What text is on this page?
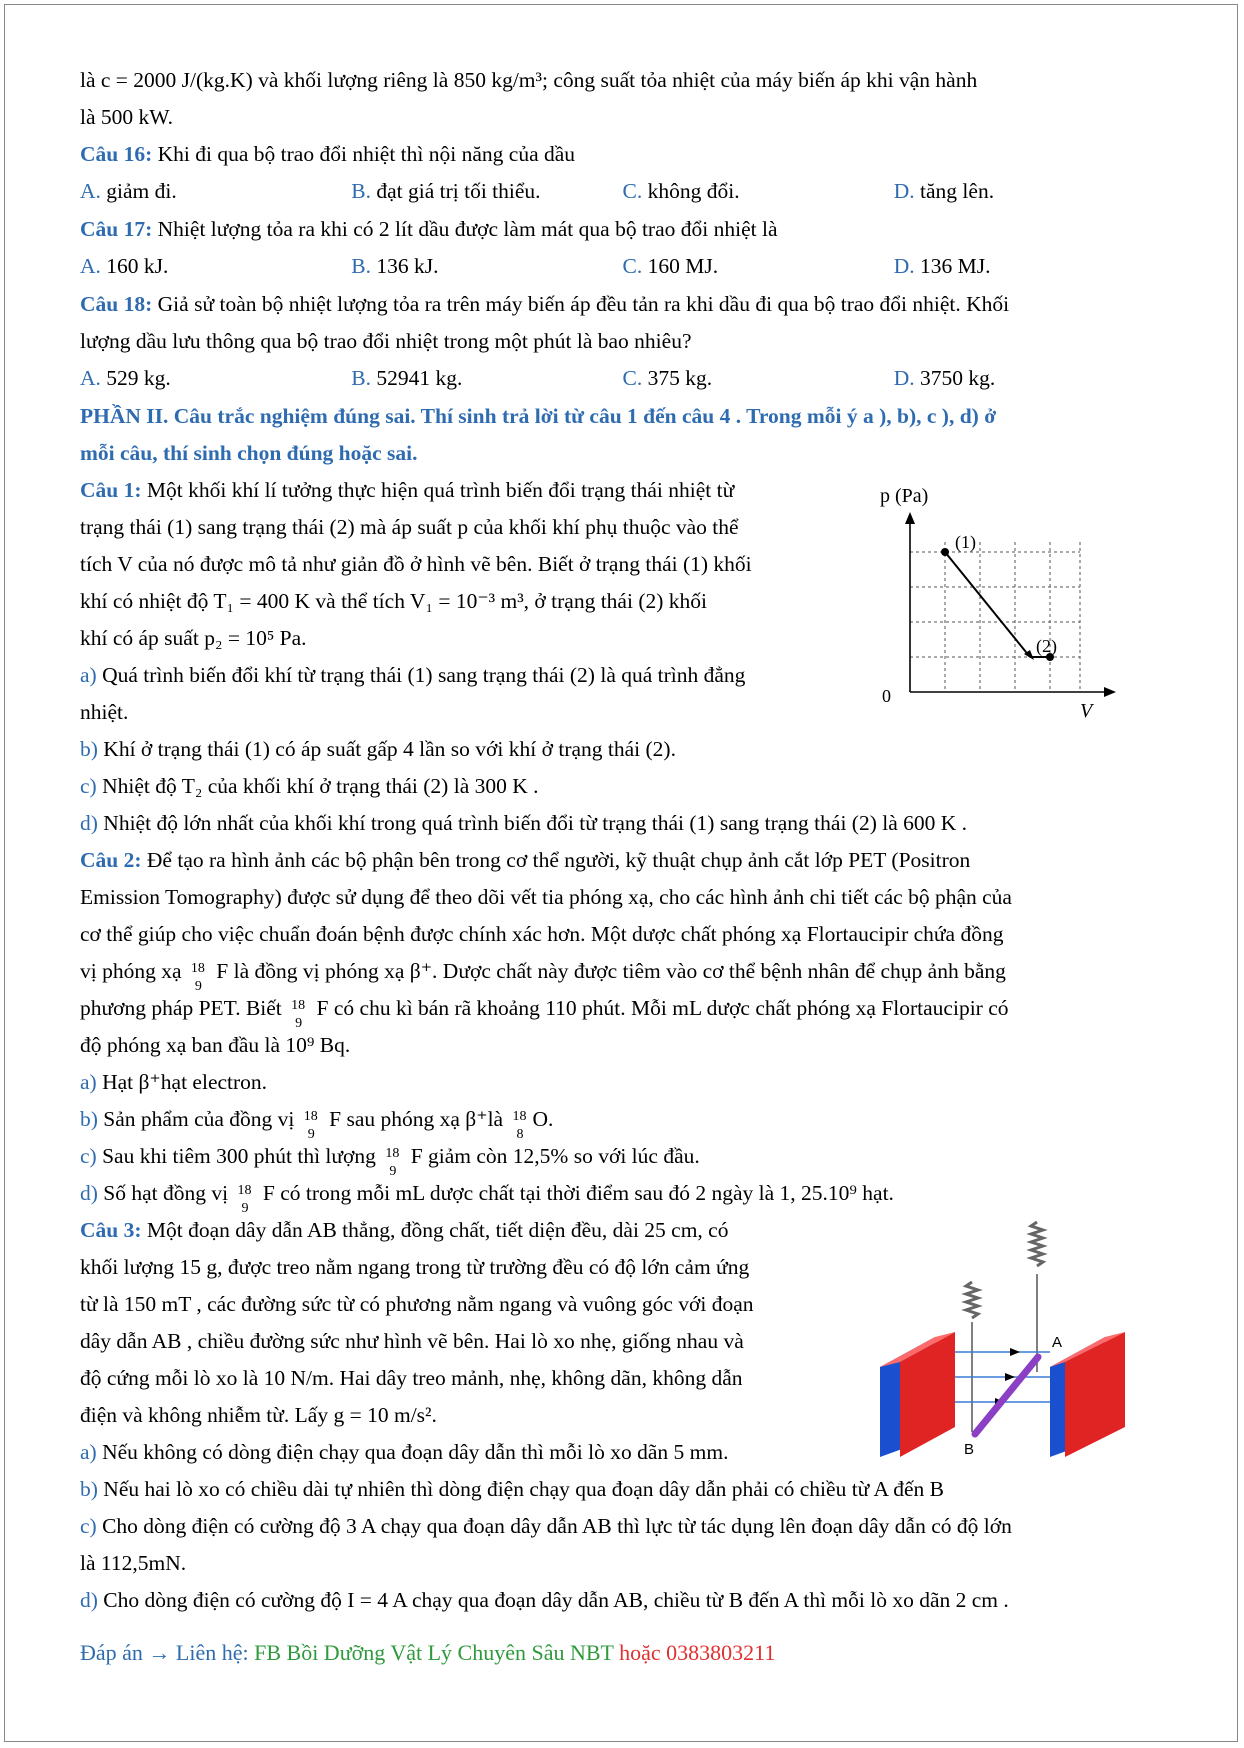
là c = 2000 J/(kg.K) và khối lượng riêng là 850 kg/m³; công suất tỏa nhiệt của máy biến áp khi vận hành

là 500 kW.

Câu 16: Khi đi qua bộ trao đổi nhiệt thì nội năng của dầu

A. giảm đi.	B. đạt giá trị tối thiểu.	C. không đổi.	D. tăng lên.

Câu 17: Nhiệt lượng tỏa ra khi có 2 lít dầu được làm mát qua bộ trao đổi nhiệt là

A. 160 kJ.	B. 136 kJ.	C. 160 MJ.	D. 136 MJ.

Câu 18: Giả sử toàn bộ nhiệt lượng tỏa ra trên máy biến áp đều tản ra khi dầu đi qua bộ trao đổi nhiệt. Khối

lượng dầu lưu thông qua bộ trao đổi nhiệt trong một phút là bao nhiêu?

A. 529 kg.	B. 52941 kg.	C. 375 kg.	D. 3750 kg.

PHẦN II. Câu trắc nghiệm đúng sai. Thí sinh trả lời từ câu 1 đến câu 4 . Trong mỗi ý a ), b), c ), d) ở

mỗi câu, thí sinh chọn đúng hoặc sai.

Câu 1: Một khối khí lí tưởng thực hiện quá trình biến đổi trạng thái nhiệt từ

trạng thái (1) sang trạng thái (2) mà áp suất p của khối khí phụ thuộc vào thể

tích V của nó được mô tả như giản đồ ở hình vẽ bên. Biết ở trạng thái (1) khối

khí có nhiệt độ T₁ = 400 K và thể tích V₁ = 10⁻³ m³, ở trạng thái (2) khối

khí có áp suất p₂ = 10⁵ Pa.

a) Quá trình biến đổi khí từ trạng thái (1) sang trạng thái (2) là quá trình đẳng

nhiệt.

b) Khí ở trạng thái (1) có áp suất gấp 4 lần so với khí ở trạng thái (2).

p (Pa)
(1)
(2)
0
V

c) Nhiệt độ T₂ của khối khí ở trạng thái (2) là 300 K .

d) Nhiệt độ lớn nhất của khối khí trong quá trình biến đổi từ trạng thái (1) sang trạng thái (2) là 600 K .

Câu 2: Để tạo ra hình ảnh các bộ phận bên trong cơ thể người, kỹ thuật chụp ảnh cắt lớp PET (Positron

Emission Tomography) được sử dụng để theo dõi vết tia phóng xạ, cho các hình ảnh chi tiết các bộ phận của

cơ thể giúp cho việc chuẩn đoán bệnh được chính xác hơn. Một dược chất phóng xạ Flortaucipir chứa đồng

vị phóng xạ 18
9
F là đồng vị phóng xạ β⁺. Dược chất này được tiêm vào cơ thể bệnh nhân để chụp ảnh bằng

phương pháp PET. Biết 18
9
F có chu kì bán rã khoảng 110 phút. Mỗi mL dược chất phóng xạ Flortaucipir có

độ phóng xạ ban đầu là 10⁹ Bq.

a) Hạt β⁺hạt electron.

b) Sản phẩm của đồng vị 18
9
F sau phóng xạ β⁺là 18
8
O.

c) Sau khi tiêm 300 phút thì lượng 18
9
F giảm còn 12,5% so với lúc đầu.

d) Số hạt đồng vị 18
9
F có trong mỗi mL dược chất tại thời điểm sau đó 2 ngày là 1, 25.10⁹ hạt.

Câu 3: Một đoạn dây dẫn AB thẳng, đồng chất, tiết diện đều, dài 25 cm, có

khối lượng 15 g, được treo nằm ngang trong từ trường đều có độ lớn cảm ứng

từ là 150 mT , các đường sức từ có phương nằm ngang và vuông góc với đoạn

dây dẫn AB , chiều đường sức như hình vẽ bên. Hai lò xo nhẹ, giống nhau và

độ cứng mỗi lò xo là 10 N/m. Hai dây treo mảnh, nhẹ, không dãn, không dẫn

điện và không nhiễm từ. Lấy g = 10 m/s².

a) Nếu không có dòng điện chạy qua đoạn dây dẫn thì mỗi lò xo dãn 5 mm.

A
B

b) Nếu hai lò xo có chiều dài tự nhiên thì dòng điện chạy qua đoạn dây dẫn phải có chiều từ A đến B

c) Cho dòng điện có cường độ 3 A chạy qua đoạn dây dẫn AB thì lực từ tác dụng lên đoạn dây dẫn có độ lớn

là 112,5mN.

d) Cho dòng điện có cường độ I = 4 A chạy qua đoạn dây dẫn AB, chiều từ B đến A thì mỗi lò xo dãn 2 cm .

Đáp án → Liên hệ: FB Bồi Dưỡng Vật Lý Chuyên Sâu NBT hoặc 0383803211
